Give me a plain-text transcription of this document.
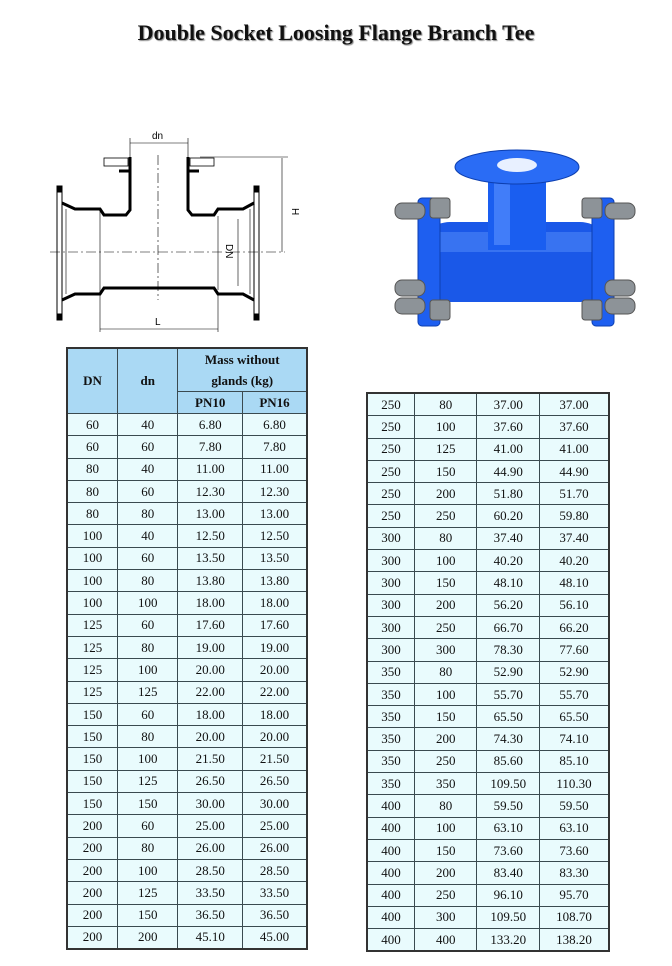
Double Socket Loosing Flange Branch Tee
dn
H
DN
L
DN	dn	Mass without	
		glands (kg)	
		PN10	PN16
60	40	6.80	6.80
60	60	7.80	7.80
80	40	11.00	11.00
80	60	12.30	12.30
80	80	13.00	13.00
100	40	12.50	12.50
100	60	13.50	13.50
100	80	13.80	13.80
100	100	18.00	18.00
125	60	17.60	17.60
125	80	19.00	19.00
125	100	20.00	20.00
125	125	22.00	22.00
150	60	18.00	18.00
150	80	20.00	20.00
150	100	21.50	21.50
150	125	26.50	26.50
150	150	30.00	30.00
200	60	25.00	25.00
200	80	26.00	26.00
200	100	28.50	28.50
200	125	33.50	33.50
200	150	36.50	36.50
200	200	45.10	45.00
250	80	37.00	37.00
250	100	37.60	37.60
250	125	41.00	41.00
250	150	44.90	44.90
250	200	51.80	51.70
250	250	60.20	59.80
300	80	37.40	37.40
300	100	40.20	40.20
300	150	48.10	48.10
300	200	56.20	56.10
300	250	66.70	66.20
300	300	78.30	77.60
350	80	52.90	52.90
350	100	55.70	55.70
350	150	65.50	65.50
350	200	74.30	74.10
350	250	85.60	85.10
350	350	109.50	110.30
400	80	59.50	59.50
400	100	63.10	63.10
400	150	73.60	73.60
400	200	83.40	83.30
400	250	96.10	95.70
400	300	109.50	108.70
400	400	133.20	138.20
